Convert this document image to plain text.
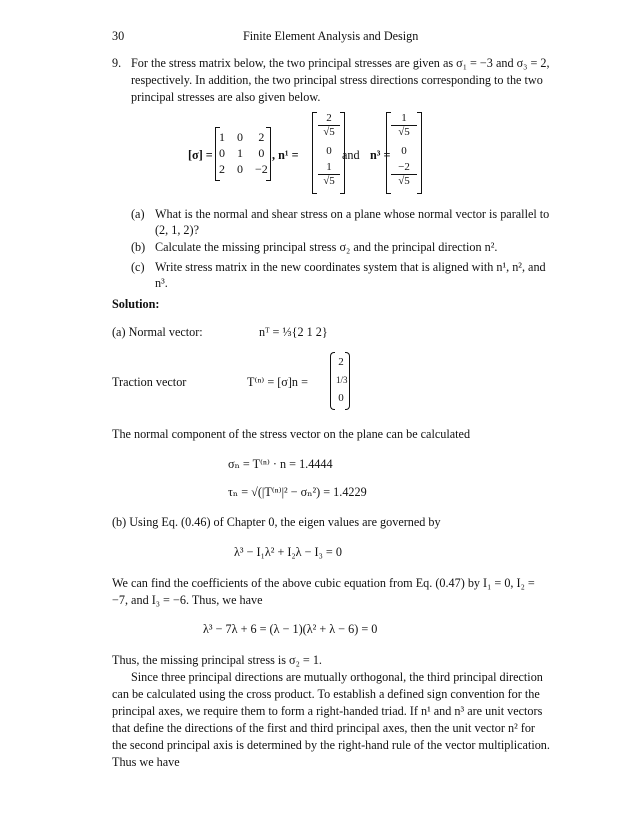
30	Finite Element Analysis and Design
9. For the stress matrix below, the two principal stresses are given as σ₁ = −3 and σ₃ = 2,
respectively. In addition, the two principal stress directions corresponding to the two
principal stresses are also given below.
[σ] =
1	0	2
0	1	0
2	0	−2
, n¹ =
2
√5
0
1
√5
and n³ =
1
√5
0
−2
√5
(a) What is the normal and shear stress on a plane whose normal vector is parallel to
(2, 1, 2)?
(b) Calculate the missing principal stress σ₂ and the principal direction n².
(c) Write stress matrix in the new coordinates system that is aligned with n¹, n², and
n³.
Solution:
(a) Normal vector:	nᵀ = ⅓{2 1 2}
Traction vector	T⁽ⁿ⁾ = [σ]n =
2
1/3
0
The normal component of the stress vector on the plane can be calculated
σₙ = T⁽ⁿ⁾ · n = 1.4444
τₙ = √(|T⁽ⁿ⁾|² − σₙ²) = 1.4229
(b) Using Eq. (0.46) of Chapter 0, the eigen values are governed by
λ³ − I₁λ² + I₂λ − I₃ = 0
We can find the coefficients of the above cubic equation from Eq. (0.47) by I₁ = 0, I₂ =
−7, and I₃ = −6. Thus, we have
λ³ − 7λ + 6 = (λ − 1)(λ² + λ − 6) = 0
Thus, the missing principal stress is σ₂ = 1.
Since three principal directions are mutually orthogonal, the third principal direction
can be calculated using the cross product. To establish a defined sign convention for the
principal axes, we require them to form a right-handed triad. If n¹ and n³ are unit vectors
that define the directions of the first and third principal axes, then the unit vector n² for
the second principal axis is determined by the right-hand rule of the vector multiplication.
Thus we have
